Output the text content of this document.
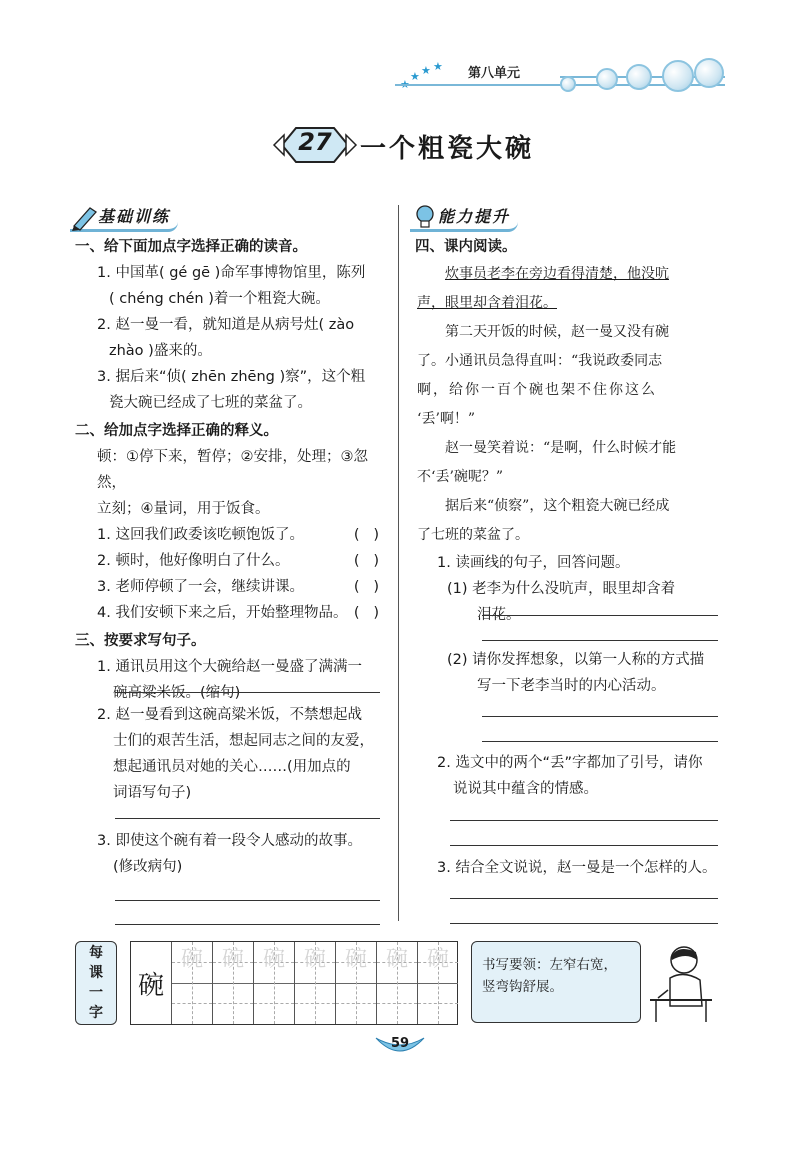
★ ★ ★ 第八单元
27	一个粗瓷大碗
基础训练	能力提升
一、给下面加点字选择正确的读音。
1. 中国革( gé gē )命军事博物馆里，陈列
( chéng chén )着一个粗瓷大碗。
2. 赵一曼一看，就知道是从病号灶( zào
zhào )盛来的。
3. 据后来“侦( zhēn zhēng )察”，这个粗
瓷大碗已经成了七班的菜盆了。
二、给加点字选择正确的释义。
顿：①停下来，暂停；②安排，处理；③忽然，
立刻；④量词，用于饭食。
1. 这回我们政委该吃顿饱饭了。	(   )
2. 顿时，他好像明白了什么。	(   )
3. 老师停顿了一会，继续讲课。	(   )
4. 我们安顿下来之后，开始整理物品。 (   )
三、按要求写句子。
1. 通讯员用这个大碗给赵一曼盛了满满一
碗高粱米饭。(缩句)
2. 赵一曼看到这碗高粱米饭，不禁想起战
士们的艰苦生活，想起同志之间的友爱，
想起通讯员对她的关心……(用加点的
词语写句子)
3. 即使这个碗有着一段令人感动的故事。
(修改病句)
四、课内阅读。
炊事员老李在旁边看得清楚，他没吭
声，眼里却含着泪花。
第二天开饭的时候，赵一曼又没有碗
了。小通讯员急得直叫：“我说政委同志
啊，给你一百个碗也架不住你这么
‘丢’啊！”
赵一曼笑着说：“是啊，什么时候才能
不‘丢’碗呢？”
据后来“侦察”，这个粗瓷大碗已经成
了七班的菜盆了。
1. 读画线的句子，回答问题。
(1) 老李为什么没吭声，眼里却含着
泪花。
(2) 请你发挥想象，以第一人称的方式描
写一下老李当时的内心活动。
2. 选文中的两个“丢”字都加了引号，请你
说说其中蕴含的情感。
3. 结合全文说说，赵一曼是一个怎样的人。
每
课
一
字
碗
碗 碗 碗 碗 碗 碗 碗	书写要领：左窄右宽，竖弯钩舒展。
59
